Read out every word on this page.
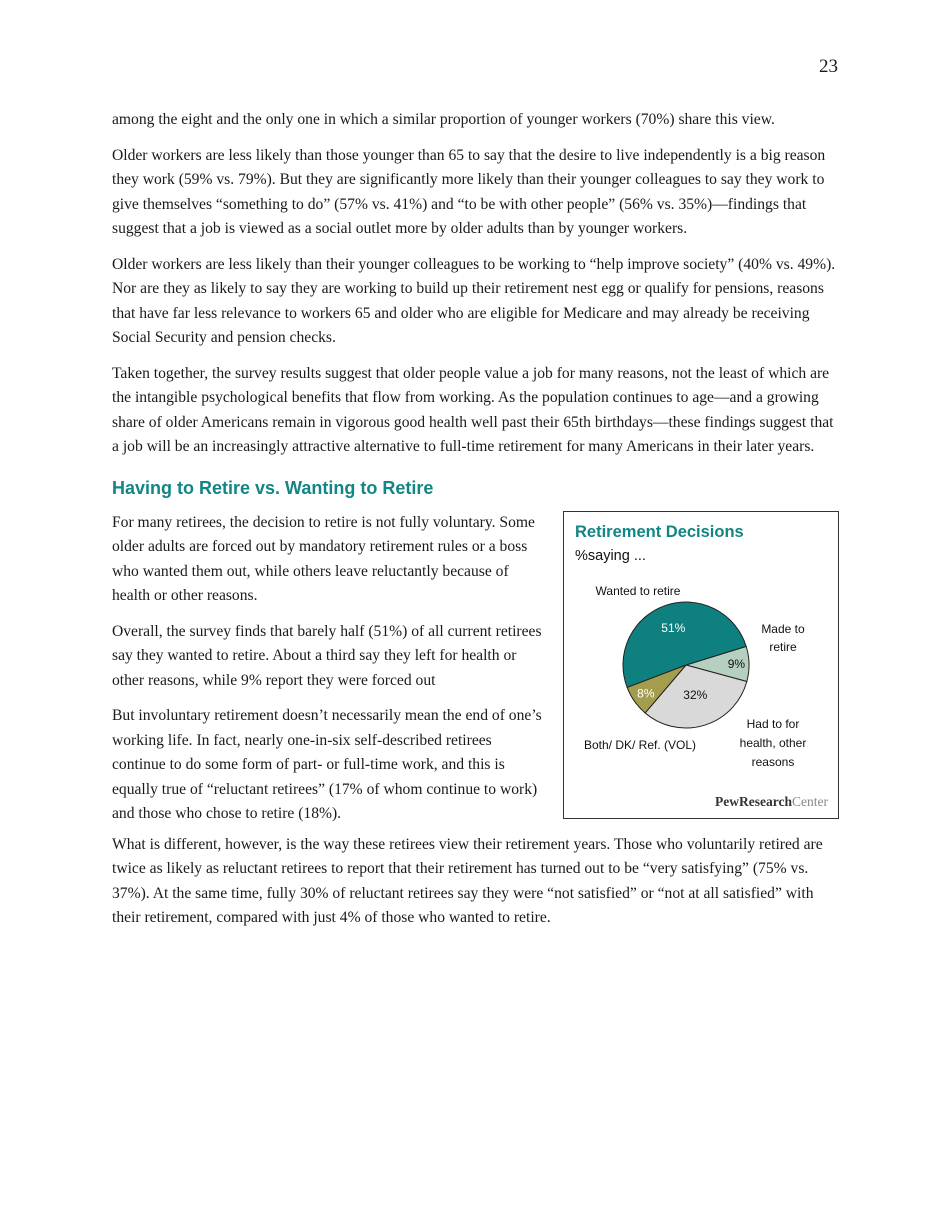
23

among the eight and the only one in which a similar proportion of younger workers (70%) share this view.

Older workers are less likely than those younger than 65 to say that the desire to live independently is a big reason they work (59% vs. 79%). But they are significantly more likely than their younger colleagues to say they work to give themselves “something to do” (57% vs. 41%) and “to be with other people” (56% vs. 35%)—findings that suggest that a job is viewed as a social outlet more by older adults than by younger workers.

Older workers are less likely than their younger colleagues to be working to “help improve society” (40% vs. 49%). Nor are they as likely to say they are working to build up their retirement nest egg or qualify for pensions, reasons that have far less relevance to workers 65 and older who are eligible for Medicare and may already be receiving Social Security and pension checks.

Taken together, the survey results suggest that older people value a job for many reasons, not the least of which are the intangible psychological benefits that flow from working. As the population continues to age—and a growing share of older Americans remain in vigorous good health well past their 65th birthdays—these findings suggest that a job will be an increasingly attractive alternative to full-time retirement for many Americans in their later years.

Having to Retire vs. Wanting to Retire

For many retirees, the decision to retire is not fully voluntary. Some older adults are forced out by mandatory retirement rules or a boss who wanted them out, while others leave reluctantly because of health or other reasons.

Overall, the survey finds that barely half (51%) of all current retirees say they wanted to retire. About a third say they left for health or other reasons, while 9% report they were forced out

But involuntary retirement doesn’t necessarily mean the end of one’s working life. In fact, nearly one-in-six self-described retirees continue to do some form of part- or full-time work, and this is equally true of “reluctant retirees” (17% of whom continue to work) and those who chose to retire (18%).

Retirement Decisions
%saying ...
9%
Made to retire
32%
Had to for health, other reasons
8%
Both/ DK/ Ref. (VOL)
51%
Wanted to retire
PewResearchCenter

What is different, however, is the way these retirees view their retirement years. Those who voluntarily retired are twice as likely as reluctant retirees to report that their retirement has turned out to be “very satisfying” (75% vs. 37%). At the same time, fully 30% of reluctant retirees say they were “not satisfied” or “not at all satisfied” with their retirement, compared with just 4% of those who wanted to retire.
